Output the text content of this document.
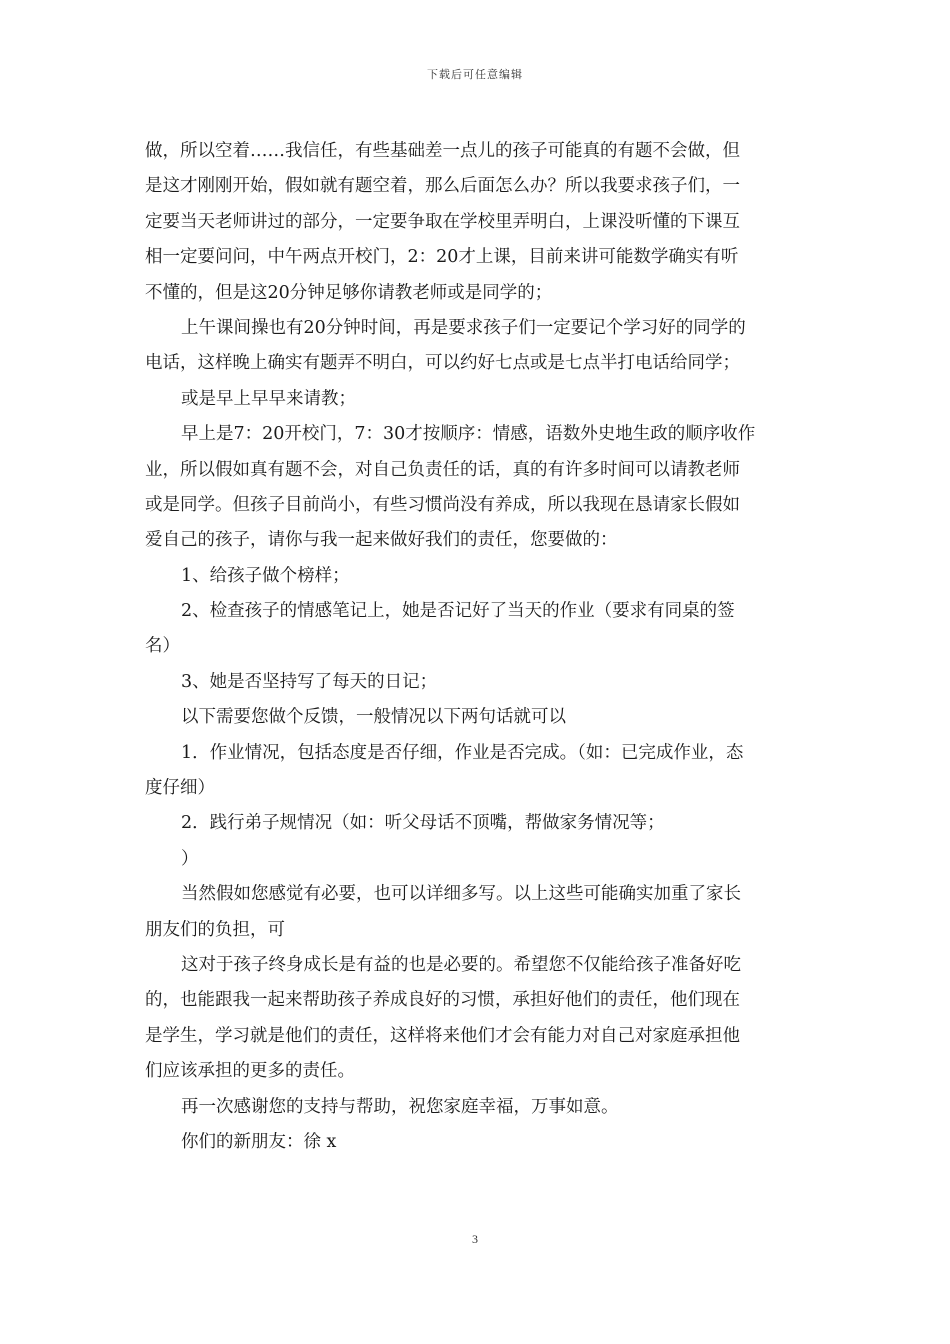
下载后可任意编辑
做，所以空着……我信任，有些基础差一点儿的孩子可能真的有题不会做，但
是这才刚刚开始，假如就有题空着，那么后面怎么办？所以我要求孩子们，一
定要当天老师讲过的部分，一定要争取在学校里弄明白，上课没听懂的下课互
相一定要问问，中午两点开校门，2：20才上课，目前来讲可能数学确实有听
不懂的，但是这20分钟足够你请教老师或是同学的；
上午课间操也有20分钟时间，再是要求孩子们一定要记个学习好的同学的
电话，这样晚上确实有题弄不明白，可以约好七点或是七点半打电话给同学；
或是早上早早来请教；
早上是7：20开校门，7：30才按顺序：情感，语数外史地生政的顺序收作
业，所以假如真有题不会，对自己负责任的话，真的有许多时间可以请教老师
或是同学。但孩子目前尚小，有些习惯尚没有养成，所以我现在恳请家长假如
爱自己的孩子，请你与我一起来做好我们的责任，您要做的：
1、给孩子做个榜样；
2、检查孩子的情感笔记上，她是否记好了当天的作业（要求有同桌的签
名）
3、她是否坚持写了每天的日记；
以下需要您做个反馈，一般情况以下两句话就可以
1．作业情况，包括态度是否仔细，作业是否完成。（如：已完成作业，态
度仔细）
2．践行弟子规情况（如：听父母话不顶嘴，帮做家务情况等；
）
当然假如您感觉有必要，也可以详细多写。以上这些可能确实加重了家长
朋友们的负担，可
这对于孩子终身成长是有益的也是必要的。希望您不仅能给孩子准备好吃
的，也能跟我一起来帮助孩子养成良好的习惯，承担好他们的责任，他们现在
是学生，学习就是他们的责任，这样将来他们才会有能力对自己对家庭承担他
们应该承担的更多的责任。
再一次感谢您的支持与帮助，祝您家庭幸福，万事如意。
你们的新朋友：徐 x
3
